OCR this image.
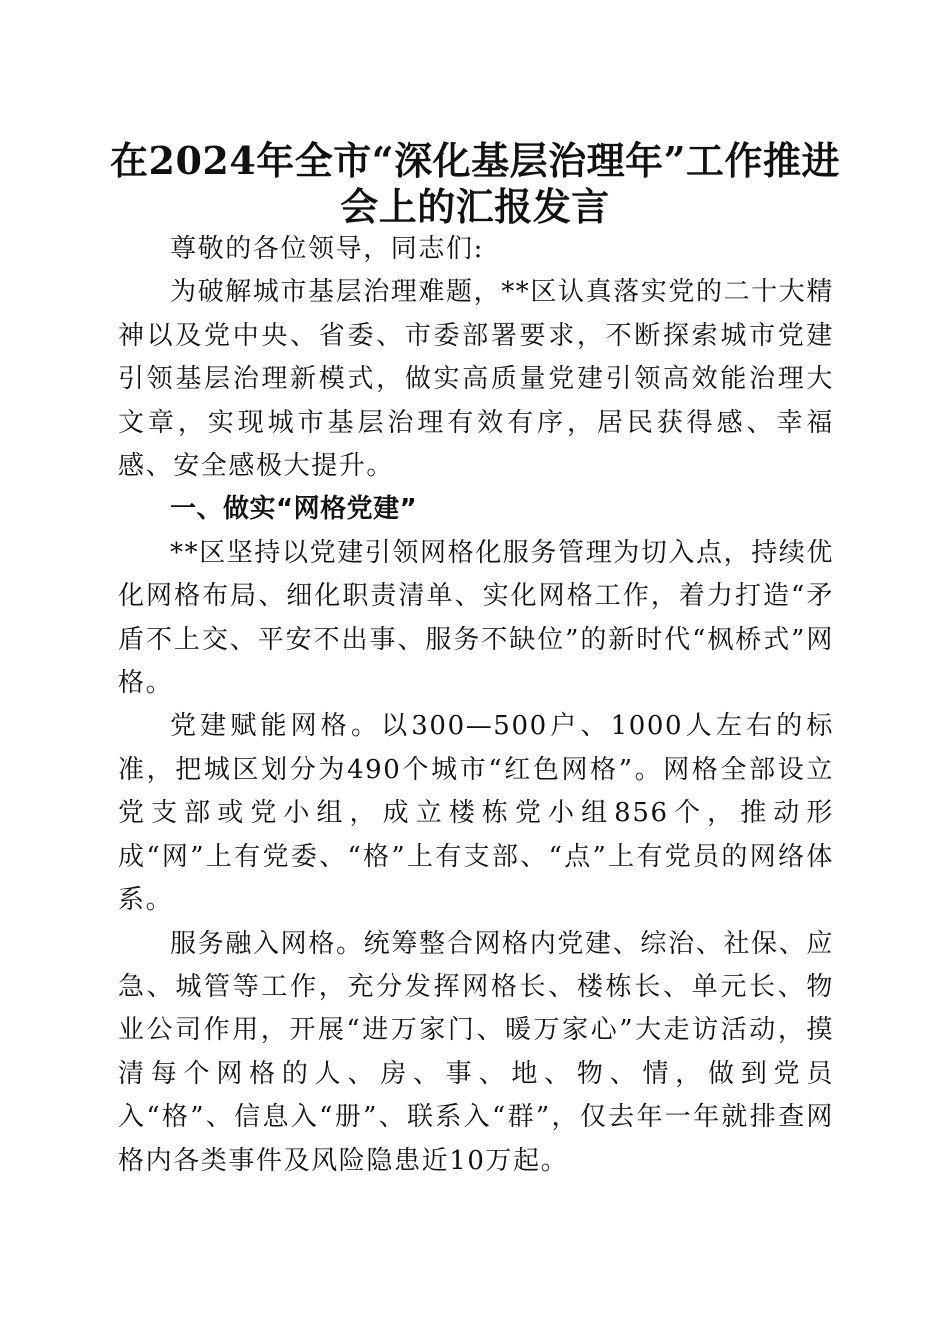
在2024年全市“深化基层治理年”工作推进
会上的汇报发言

尊敬的各位领导，同志们:

为破解城市基层治理难题，**区认真落实党的二十大精神以及党中央、省委、市委部署要求，不断探索城市党建引领基层治理新模式，做实高质量党建引领高效能治理大文章，实现城市基层治理有效有序，居民获得感、幸福感、安全感极大提升。

一、做实“网格党建”

**区坚持以党建引领网格化服务管理为切入点，持续优化网格布局、细化职责清单、实化网格工作，着力打造“矛盾不上交、平安不出事、服务不缺位”的新时代“枫桥式”网格。

党建赋能网格。以300—500户、1000人左右的标准，把城区划分为490个城市“红色网格”。网格全部设立党支部或党小组，成立楼栋党小组856个，推动形成“网”上有党委、“格”上有支部、“点”上有党员的网络体系。

服务融入网格。统筹整合网格内党建、综治、社保、应急、城管等工作，充分发挥网格长、楼栋长、单元长、物业公司作用，开展“进万家门、暖万家心”大走访活动，摸清每个网格的人、房、事、地、物、情，做到党员入“格”、信息入“册”、联系入“群”，仅去年一年就排查网格内各类事件及风险隐患近10万起。
